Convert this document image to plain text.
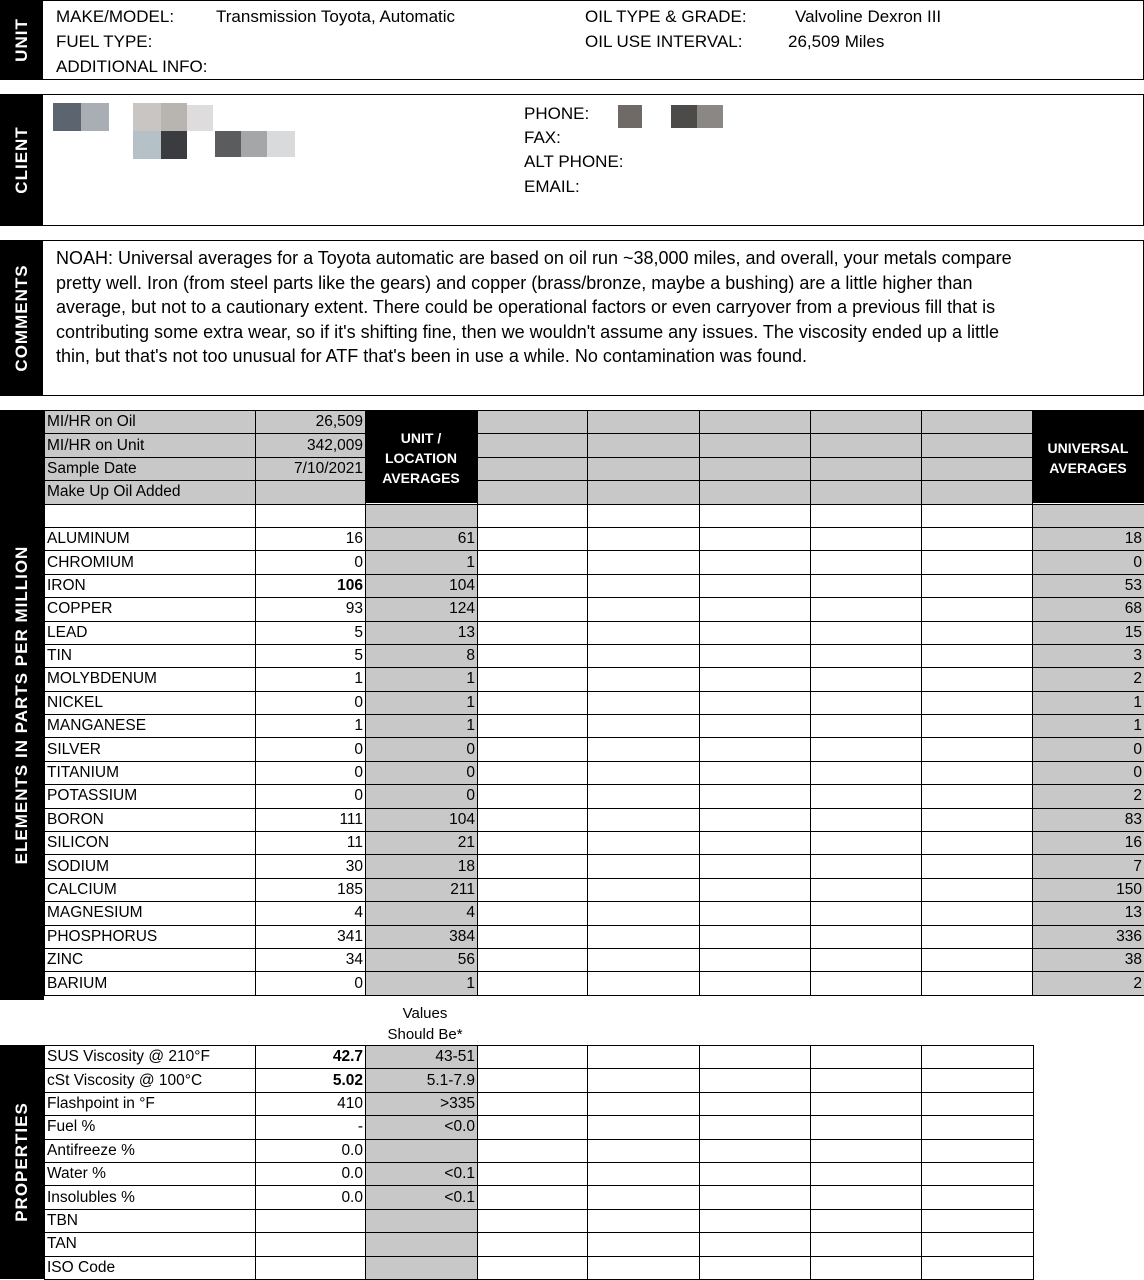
UNIT
MAKE/MODEL: Transmission Toyota, Automatic
FUEL TYPE:
ADDITIONAL INFO:
OIL TYPE & GRADE:	Valvoline Dexron III
OIL USE INTERVAL:	26,509 Miles
CLIENT
PHONE:
FAX:
ALT PHONE:
EMAIL:
COMMENTS
NOAH: Universal averages for a Toyota automatic are based on oil run ~38,000 miles, and overall, your metals compare pretty well. Iron (from steel parts like the gears) and copper (brass/bronze, maybe a bushing) are a little higher than average, but not to a cautionary extent. There could be operational factors or even carryover from a previous fill that is contributing some extra wear, so if it's shifting fine, then we wouldn't assume any issues. The viscosity ended up a little thin, but that's not too unusual for ATF that's been in use a while. No contamination was found.
ELEMENTS IN PARTS PER MILLION
MI/HR on Oil	26,509							
MI/HR on Unit	342,009							
Sample Date	7/10/2021							
Make Up Oil Added								

ALUMINUM	16	61						18
CHROMIUM	0	1						0
IRON	106	104						53
COPPER	93	124						68
LEAD	5	13						15
TIN	5	8						3
MOLYBDENUM	1	1						2
NICKEL	0	1						1
MANGANESE	1	1						1
SILVER	0	0						0
TITANIUM	0	0						0
POTASSIUM	0	0						2
BORON	111	104						83
SILICON	11	21						16
SODIUM	30	18						7
CALCIUM	185	211						150
MAGNESIUM	4	4						13
PHOSPHORUS	341	384						336
ZINC	34	56						38
BARIUM	0	1						2
UNIT / LOCATION AVERAGES
UNIVERSAL AVERAGES
Values
Should Be*
PROPERTIES
SUS Viscosity @ 210°F	42.7	43-51					
cSt Viscosity @ 100°C	5.02	5.1-7.9					
Flashpoint in °F	410	>335					
Fuel %	-	<0.0					
Antifreeze %	0.0						
Water %	0.0	<0.1					
Insolubles %	0.0	<0.1					
TBN							
TAN							
ISO Code							
